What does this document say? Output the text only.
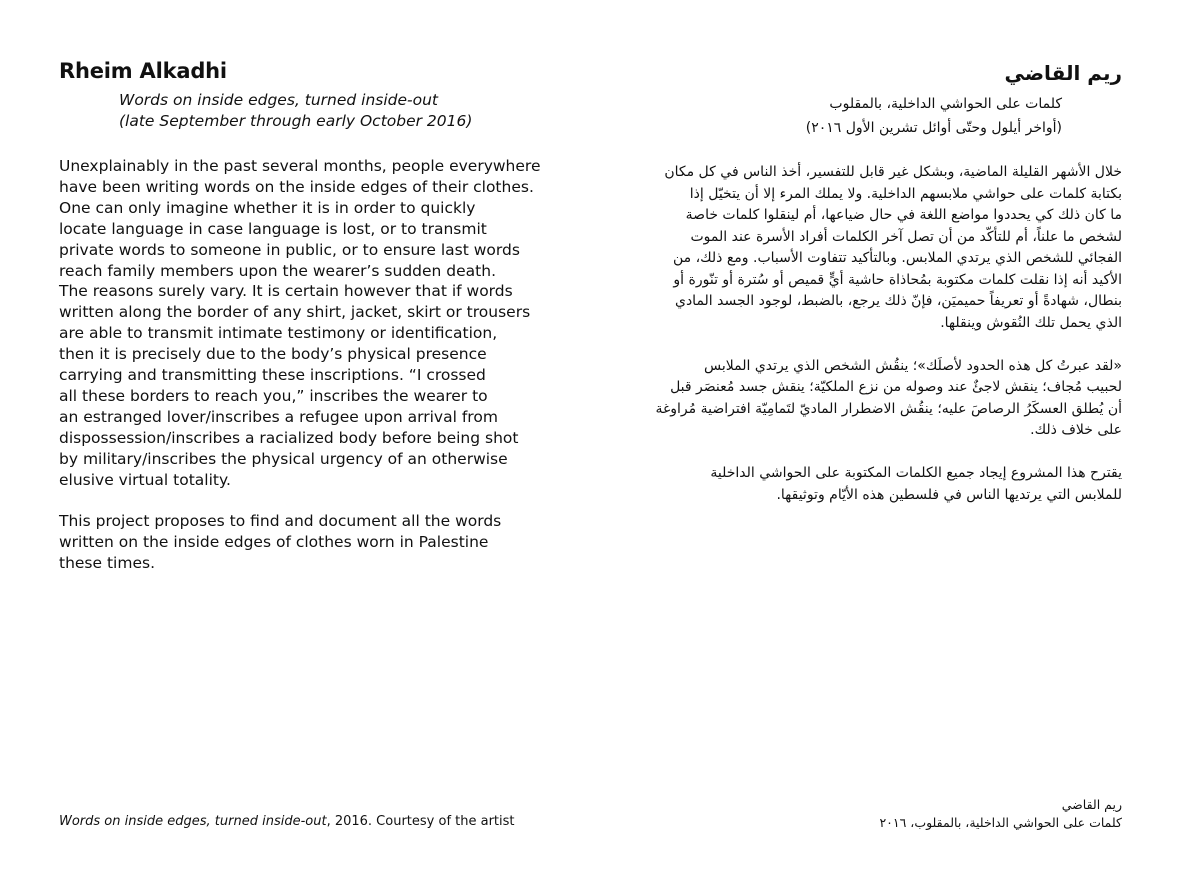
Rheim Alkadhi
Words on inside edges, turned inside-out
(late September through early October 2016)

Unexplainably in the past several months, people everywhere
have been writing words on the inside edges of their clothes.
One can only imagine whether it is in order to quickly
locate language in case language is lost, or to transmit
private words to someone in public, or to ensure last words
reach family members upon the wearer’s sudden death.
The reasons surely vary. It is certain however that if words
written along the border of any shirt, jacket, skirt or trousers
are able to transmit intimate testimony or identification,
then it is precisely due to the body’s physical presence
carrying and transmitting these inscriptions. “I crossed
all these borders to reach you,” inscribes the wearer to
an estranged lover/inscribes a refugee upon arrival from
dispossession/inscribes a racialized body before being shot
by military/inscribes the physical urgency of an otherwise
elusive virtual totality.

This project proposes to find and document all the words
written on the inside edges of clothes worn in Palestine
these times.

ريم القاضي
كلمات على الحواشي الداخلية، بالمقلوب
(أواخر أيلول وحتّى أوائل تشرين الأول ٢٠١٦)

خلال الأشهر القليلة الماضية، وبشكل غير قابل للتفسير، أخذ الناس في كل مكان
بكتابة كلمات على حواشي ملابسهم الداخلية. ولا يملك المرء إلا أن يتخيّل إذا
ما كان ذلك كي يحددوا مواضع اللغة في حال ضياعها، أم لينقلوا كلمات خاصة
لشخص ما علناً، أم للتأكّد من أن تصل آخر الكلمات أفراد الأسرة عند الموت
الفجائي للشخص الذي يرتدي الملابس. وبالتأكيد تتفاوت الأسباب. ومع ذلك، من
الأكيد أنه إذا نقلت كلمات مكتوبة بمُحاذاة حاشية أيٍّ قميص أو سُترة أو تنّورة أو
بنطال، شهادةً أو تعريفاً حميميَن، فإنّ ذلك يرجع، بالضبط، لوجود الجسد المادي
الذي يحمل تلك النُقوش وينقلها.

«لقد عبرتُ كل هذه الحدود لأصلَك»؛ ينقُش الشخص الذي يرتدي الملابس
لحبيب مُجاف؛ ينقش لاجئٌ عند وصوله من نزع الملكيّة؛ ينقش جسد مُعنصَر قبل
أن يُطلق العسكَرُ الرصاصَ عليه؛ ينقُش الاضطرار الماديّ لتَمامِيّة افتراضية مُراوغة
على خلاف ذلك.

يقترح هذا المشروع إيجاد جميع الكلمات المكتوبة على الحواشي الداخلية
للملابس التي يرتديها الناس في فلسطين هذه الأيّام وتوثيقها.

Words on inside edges, turned inside-out, 2016. Courtesy of the artist
ريم القاضي
كلمات على الحواشي الداخلية، بالمقلوب، ٢٠١٦
